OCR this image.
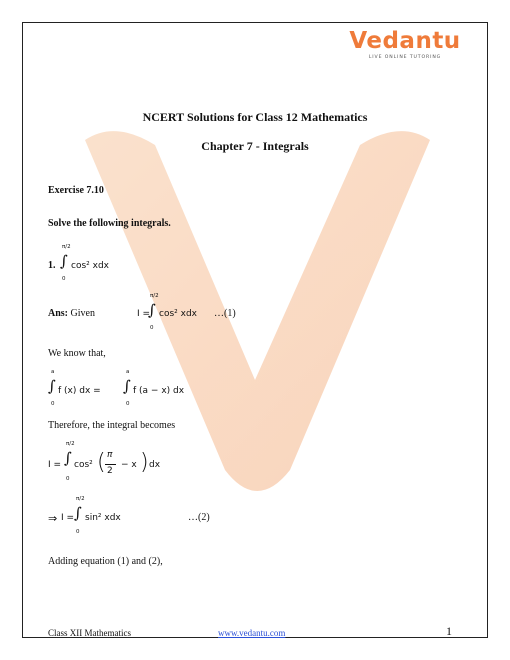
Vedantu
LIVE ONLINE TUTORING
NCERT Solutions for Class 12 Mathematics
Chapter 7 - Integrals
Exercise 7.10
Solve the following integrals.
1.
π/2
∫
0
cos² xdx
Ans: Given	I =
π/2
∫
0
cos² xdx …(1)
We know that,
a
∫
0
f (x) dx =
a
∫
0
f (a − x) dx
Therefore, the integral becomes
I =
π/2
∫
0
cos² ( π
2
− x ) dx
⇒ I =
π/2
∫
0
sin² xdx	…(2)
Adding equation (1) and (2),
Class XII Mathematics	www.vedantu.com	1
